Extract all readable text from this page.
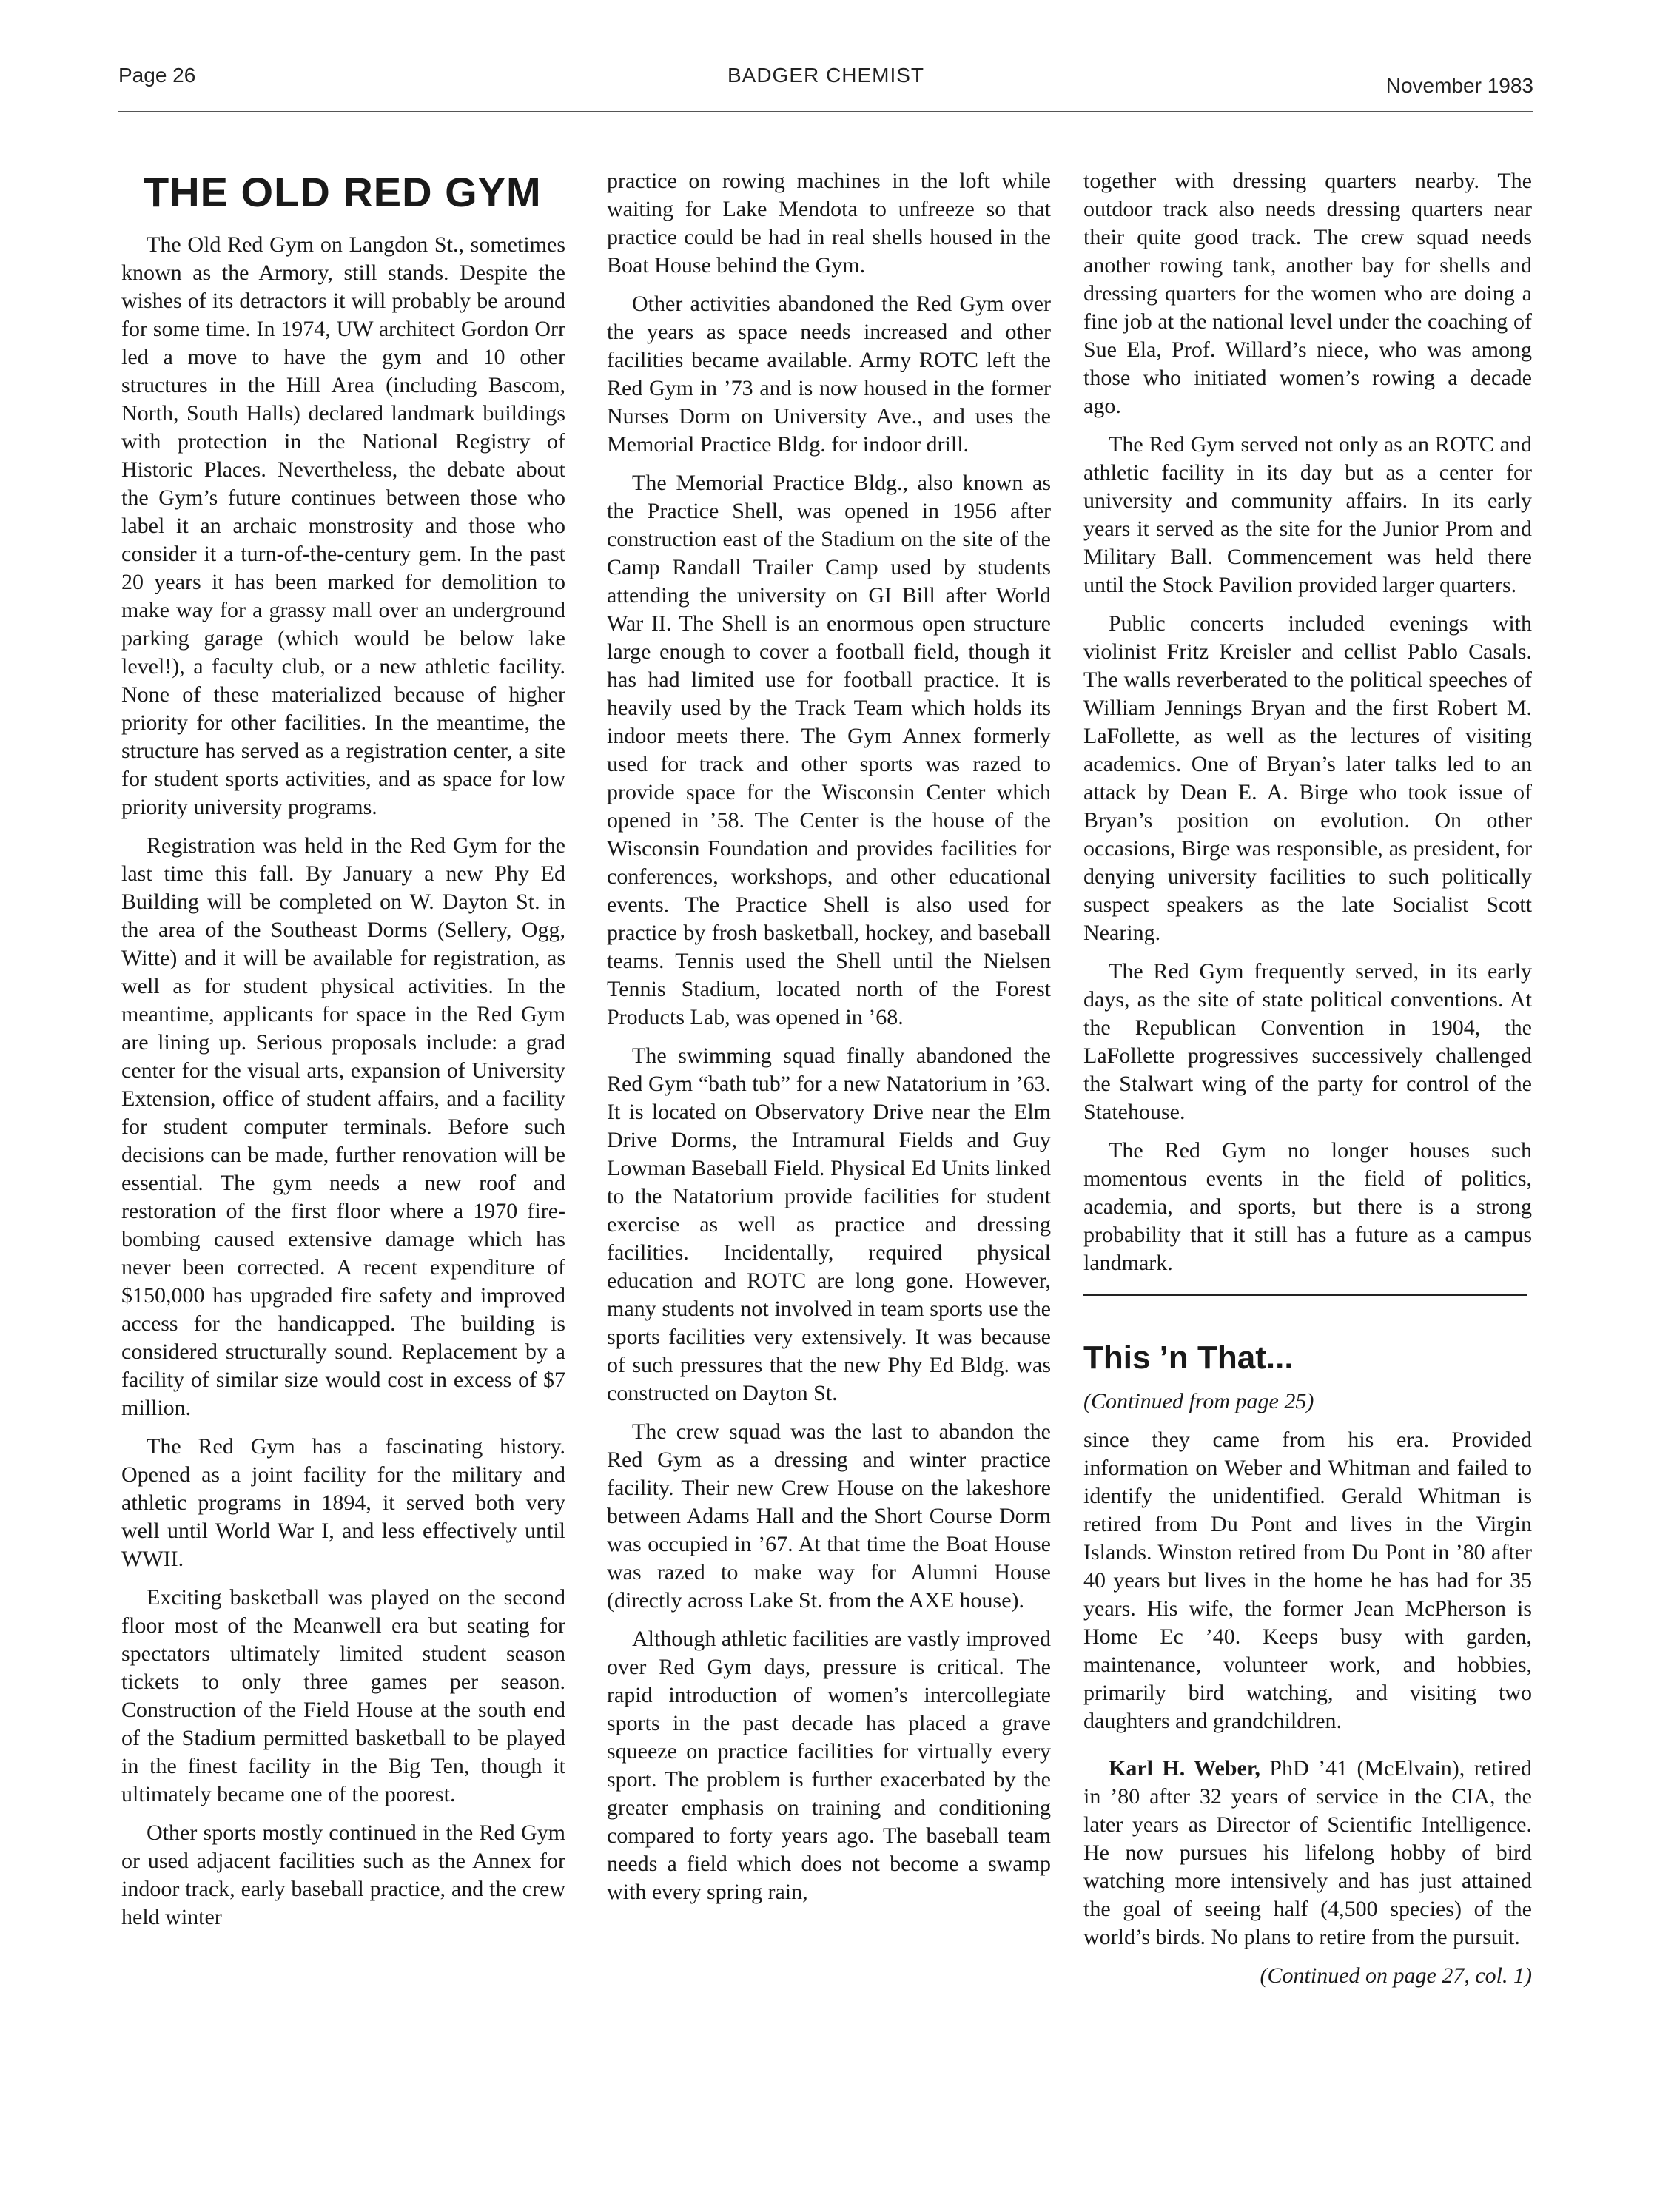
Page 26	BADGER CHEMIST	November 1983
THE OLD RED GYM

The Old Red Gym on Langdon St., sometimes known as the Armory, still stands. Despite the wishes of its detractors it will probably be around for some time. In 1974, UW architect Gordon Orr led a move to have the gym and 10 other structures in the Hill Area (including Bascom, North, South Halls) declared landmark buildings with protection in the National Registry of Historic Places. Nevertheless, the debate about the Gym’s future continues between those who label it an archaic monstrosity and those who consider it a turn-of-the-century gem. In the past 20 years it has been marked for demolition to make way for a grassy mall over an underground parking garage (which would be below lake level!), a faculty club, or a new athletic facility. None of these materialized because of higher priority for other facilities. In the meantime, the structure has served as a registration center, a site for student sports activities, and as space for low priority university programs.

Registration was held in the Red Gym for the last time this fall. By January a new Phy Ed Building will be completed on W. Dayton St. in the area of the Southeast Dorms (Sellery, Ogg, Witte) and it will be available for registration, as well as for student physical activities. In the meantime, applicants for space in the Red Gym are lining up. Serious proposals include: a grad center for the visual arts, expansion of University Extension, office of student affairs, and a facility for student computer terminals. Before such decisions can be made, further renovation will be essential. The gym needs a new roof and restoration of the first floor where a 1970 fire-bombing caused extensive damage which has never been corrected. A recent expenditure of $150,000 has upgraded fire safety and improved access for the handicapped. The building is considered structurally sound. Replacement by a facility of similar size would cost in excess of $7 million.

The Red Gym has a fascinating history. Opened as a joint facility for the military and athletic programs in 1894, it served both very well until World War I, and less effectively until WWII.

Exciting basketball was played on the second floor most of the Meanwell era but seating for spectators ultimately limited student season tickets to only three games per season. Construction of the Field House at the south end of the Stadium permitted basketball to be played in the finest facility in the Big Ten, though it ultimately became one of the poorest.

Other sports mostly continued in the Red Gym or used adjacent facilities such as the Annex for indoor track, early baseball practice, and the crew held winter

practice on rowing machines in the loft while waiting for Lake Mendota to unfreeze so that practice could be had in real shells housed in the Boat House behind the Gym.

Other activities abandoned the Red Gym over the years as space needs increased and other facilities became available. Army ROTC left the Red Gym in ’73 and is now housed in the former Nurses Dorm on University Ave., and uses the Memorial Practice Bldg. for indoor drill.

The Memorial Practice Bldg., also known as the Practice Shell, was opened in 1956 after construction east of the Stadium on the site of the Camp Randall Trailer Camp used by students attending the university on GI Bill after World War II. The Shell is an enormous open structure large enough to cover a football field, though it has had limited use for football practice. It is heavily used by the Track Team which holds its indoor meets there. The Gym Annex formerly used for track and other sports was razed to provide space for the Wisconsin Center which opened in ’58. The Center is the house of the Wisconsin Foundation and provides facilities for conferences, workshops, and other educational events. The Practice Shell is also used for practice by frosh basketball, hockey, and baseball teams. Tennis used the Shell until the Nielsen Tennis Stadium, located north of the Forest Products Lab, was opened in ’68.

The swimming squad finally abandoned the Red Gym “bath tub” for a new Natatorium in ’63. It is located on Observatory Drive near the Elm Drive Dorms, the Intramural Fields and Guy Lowman Baseball Field. Physical Ed Units linked to the Natatorium provide facilities for student exercise as well as practice and dressing facilities. Incidentally, required physical education and ROTC are long gone. However, many students not involved in team sports use the sports facilities very extensively. It was because of such pressures that the new Phy Ed Bldg. was constructed on Dayton St.

The crew squad was the last to abandon the Red Gym as a dressing and winter practice facility. Their new Crew House on the lakeshore between Adams Hall and the Short Course Dorm was occupied in ’67. At that time the Boat House was razed to make way for Alumni House (directly across Lake St. from the AXE house).

Although athletic facilities are vastly improved over Red Gym days, pressure is critical. The rapid introduction of women’s intercollegiate sports in the past decade has placed a grave squeeze on practice facilities for virtually every sport. The problem is further exacerbated by the greater emphasis on training and conditioning compared to forty years ago. The baseball team needs a field which does not become a swamp with every spring rain,

together with dressing quarters nearby. The outdoor track also needs dressing quarters near their quite good track. The crew squad needs another rowing tank, another bay for shells and dressing quarters for the women who are doing a fine job at the national level under the coaching of Sue Ela, Prof. Willard’s niece, who was among those who initiated women’s rowing a decade ago.

The Red Gym served not only as an ROTC and athletic facility in its day but as a center for university and community affairs. In its early years it served as the site for the Junior Prom and Military Ball. Commencement was held there until the Stock Pavilion provided larger quarters.

Public concerts included evenings with violinist Fritz Kreisler and cellist Pablo Casals. The walls reverberated to the political speeches of William Jennings Bryan and the first Robert M. LaFollette, as well as the lectures of visiting academics. One of Bryan’s later talks led to an attack by Dean E. A. Birge who took issue of Bryan’s position on evolution. On other occasions, Birge was responsible, as president, for denying university facilities to such politically suspect speakers as the late Socialist Scott Nearing.

The Red Gym frequently served, in its early days, as the site of state political conventions. At the Republican Convention in 1904, the LaFollette progressives successively challenged the Stalwart wing of the party for control of the Statehouse.

The Red Gym no longer houses such momentous events in the field of politics, academia, and sports, but there is a strong probability that it still has a future as a campus landmark.

This ’n That...

(Continued from page 25)

since they came from his era. Provided information on Weber and Whitman and failed to identify the unidentified. Gerald Whitman is retired from Du Pont and lives in the Virgin Islands. Winston retired from Du Pont in ’80 after 40 years but lives in the home he has had for 35 years. His wife, the former Jean McPherson is Home Ec ’40. Keeps busy with garden, maintenance, volunteer work, and hobbies, primarily bird watching, and visiting two daughters and grandchildren.

Karl H. Weber, PhD ’41 (McElvain), retired in ’80 after 32 years of service in the CIA, the later years as Director of Scientific Intelligence. He now pursues his lifelong hobby of bird watching more intensively and has just attained the goal of seeing half (4,500 species) of the world’s birds. No plans to retire from the pursuit.

(Continued on page 27, col. 1)
